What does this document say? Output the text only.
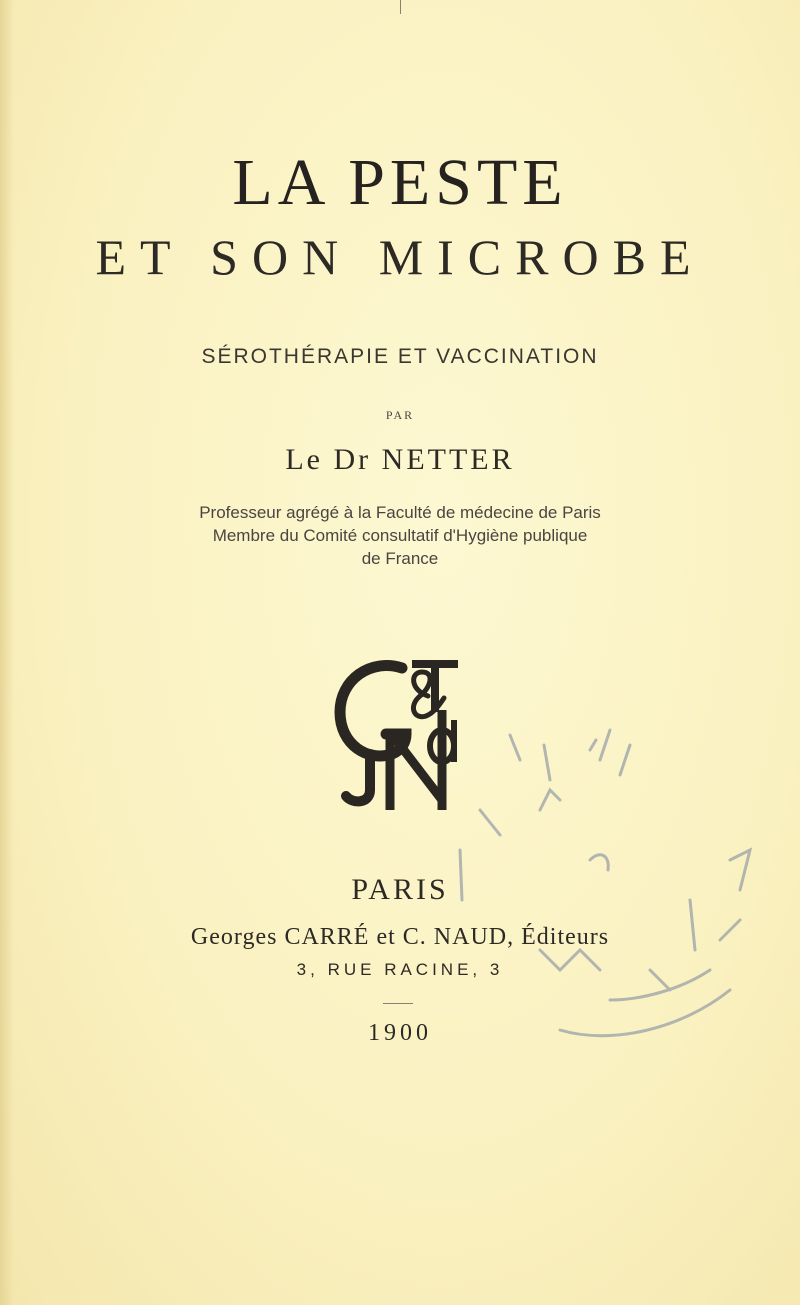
LA PESTE
ET SON MICROBE
SÉROTHÉRAPIE ET VACCINATION
PAR
Le Dr NETTER
Professeur agrégé à la Faculté de médecine de Paris
Membre du Comité consultatif d'Hygiène publique
de France
PARIS
Georges CARRÉ et C. NAUD, Éditeurs
3, RUE RACINE, 3
1900
